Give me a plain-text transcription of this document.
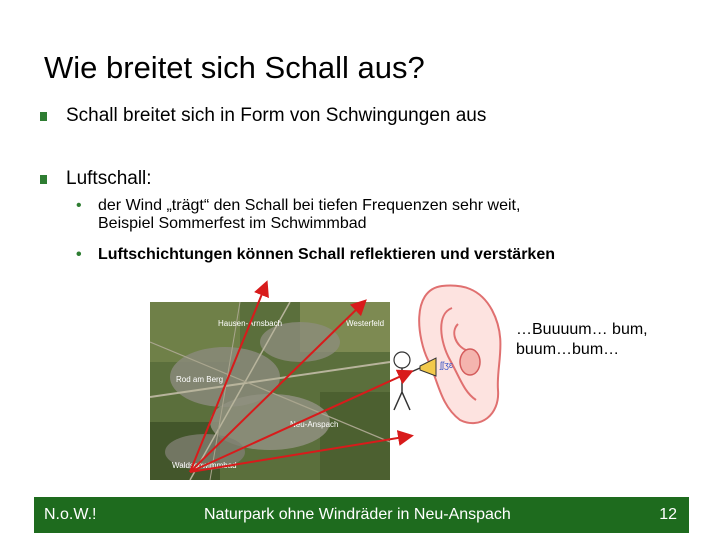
Wie breitet sich Schall aus?
Schall breitet sich in Form von Schwingungen aus
Luftschall:
• der Wind „trägt“ den Schall bei tiefen Frequenzen sehr weit,
Beispiel Sommerfest im Schwimmbad
• Luftschichtungen können Schall reflektieren und verstärken
Hausen-Arnsbach	Westerfeld
Rod am Berg
Neu-Anspach
Waldschwimmbad
ʃʃʒɛ
…Buuuum… bum,
buum…bum…
N.o.W.!	Naturpark ohne Windräder in Neu-Anspach	12
